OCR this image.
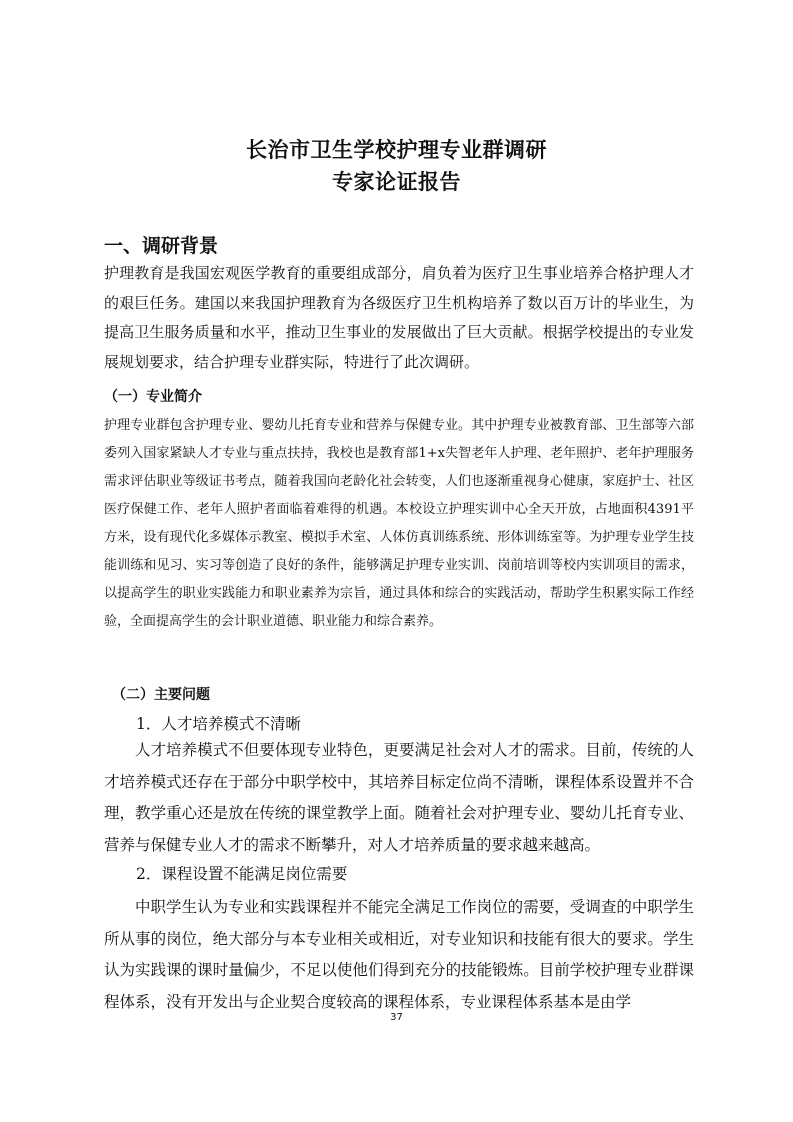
长治市卫生学校护理专业群调研
专家论证报告
一、调研背景
护理教育是我国宏观医学教育的重要组成部分，肩负着为医疗卫生事业培养合格护理人才的艰巨任务。建国以来我国护理教育为各级医疗卫生机构培养了数以百万计的毕业生，为提高卫生服务质量和水平，推动卫生事业的发展做出了巨大贡献。根据学校提出的专业发展规划要求，结合护理专业群实际，特进行了此次调研。
（一）专业简介
护理专业群包含护理专业、婴幼儿托育专业和营养与保健专业。其中护理专业被教育部、卫生部等六部委列入国家紧缺人才专业与重点扶持，我校也是教育部1+x失智老年人护理、老年照护、老年护理服务需求评估职业等级证书考点，随着我国向老龄化社会转变，人们也逐渐重视身心健康，家庭护士、社区医疗保健工作、老年人照护者面临着难得的机遇。本校设立护理实训中心全天开放，占地面积4391平方米，设有现代化多媒体示教室、模拟手术室、人体仿真训练系统、形体训练室等。为护理专业学生技能训练和见习、实习等创造了良好的条件，能够满足护理专业实训、岗前培训等校内实训项目的需求，以提高学生的职业实践能力和职业素养为宗旨，通过具体和综合的实践活动，帮助学生积累实际工作经验，全面提高学生的会计职业道德、职业能力和综合素养。
（二）主要问题
1．人才培养模式不清晰
人才培养模式不但要体现专业特色，更要满足社会对人才的需求。目前，传统的人才培养模式还存在于部分中职学校中，其培养目标定位尚不清晰，课程体系设置并不合理，教学重心还是放在传统的课堂教学上面。随着社会对护理专业、婴幼儿托育专业、营养与保健专业人才的需求不断攀升，对人才培养质量的要求越来越高。
2．课程设置不能满足岗位需要
中职学生认为专业和实践课程并不能完全满足工作岗位的需要，受调查的中职学生所从事的岗位，绝大部分与本专业相关或相近，对专业知识和技能有很大的要求。学生认为实践课的课时量偏少，不足以使他们得到充分的技能锻炼。目前学校护理专业群课程体系，没有开发出与企业契合度较高的课程体系，专业课程体系基本是由学
37
